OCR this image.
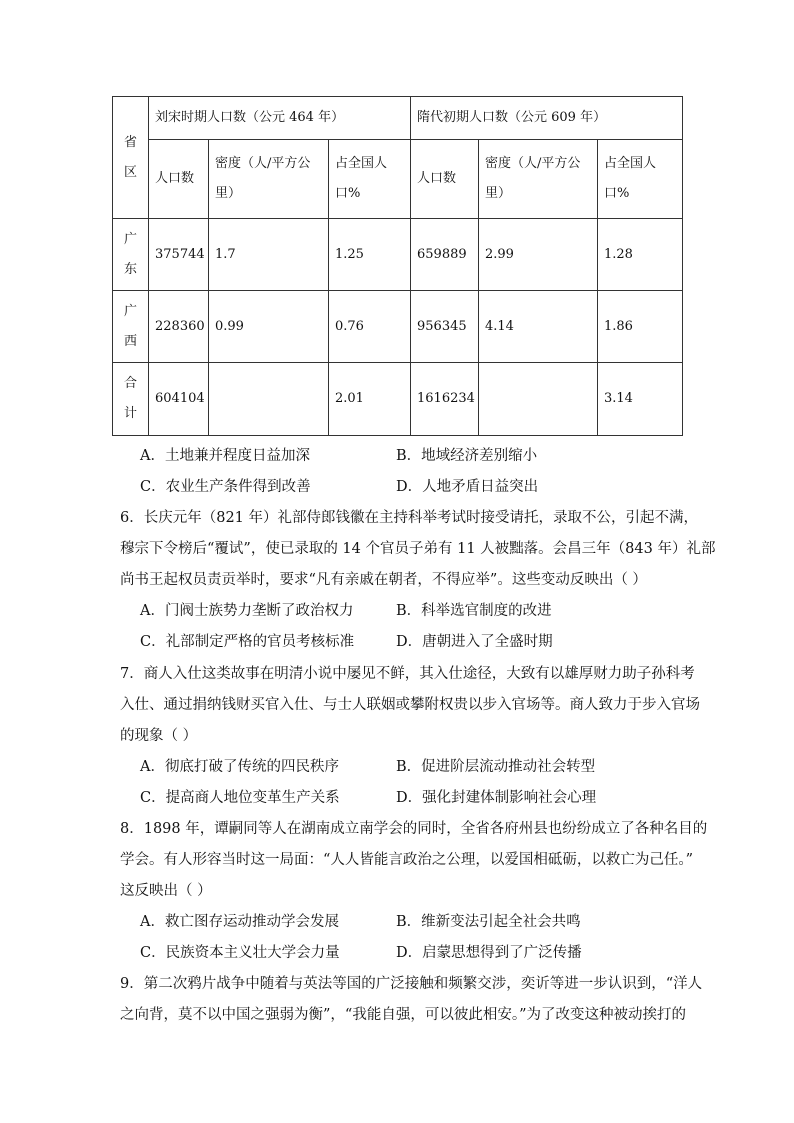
省区	刘宋时期人口数（公元 464 年）			隋代初期人口数（公元 609 年）		
	人口数	密度（人/平方公里）	占全国人口%	人口数	密度（人/平方公里）	占全国人口%
广东	375744	1.7	1.25	659889	2.99	1.28
广西	228360	0.99	0.76	956345	4.14	1.86
合计	604104		2.01	1616234		3.14
A．土地兼并程度日益加深	B．地域经济差别缩小
C．农业生产条件得到改善	D．人地矛盾日益突出
6．长庆元年（821 年）礼部侍郎钱徽在主持科举考试时接受请托，录取不公，引起不满，
穆宗下令榜后“覆试”，使已录取的 14 个官员子弟有 11 人被黜落。会昌三年（843 年）礼部
尚书王起权员责贡举时，要求“凡有亲戚在朝者，不得应举”。这些变动反映出（ ）
A．门阀士族势力垄断了政治权力	B．科举选官制度的改进
C．礼部制定严格的官员考核标准	D．唐朝进入了全盛时期
7．商人入仕这类故事在明清小说中屡见不鲜，其入仕途径，大致有以雄厚财力助子孙科考
入仕、通过捐纳钱财买官入仕、与士人联姻或攀附权贵以步入官场等。商人致力于步入官场
的现象（ ）
A．彻底打破了传统的四民秩序	B．促进阶层流动推动社会转型
C．提高商人地位变革生产关系	D．强化封建体制影响社会心理
8．1898 年，谭嗣同等人在湖南成立南学会的同时，全省各府州县也纷纷成立了各种名目的
学会。有人形容当时这一局面：“人人皆能言政治之公理，以爱国相砥砺，以救亡为己任。”
这反映出（ ）
A．救亡图存运动推动学会发展	B．维新变法引起全社会共鸣
C．民族资本主义壮大学会力量	D．启蒙思想得到了广泛传播
9．第二次鸦片战争中随着与英法等国的广泛接触和频繁交涉，奕䜣等进一步认识到，“洋人
之向背，莫不以中国之强弱为衡”，“我能自强，可以彼此相安。”为了改变这种被动挨打的
